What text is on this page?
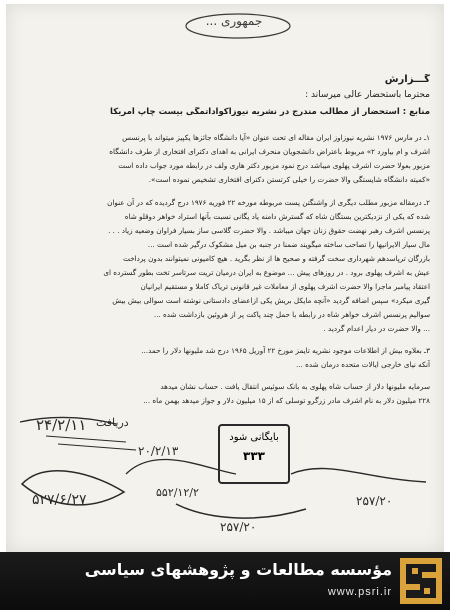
جمهوری ...
گـــزارش
محترما باستحضار عالی میرساند :
منابع : استحضار از مطالب مندرج در نشریه نیوزاکواداتمگی بیست چاپ آمریکا
۱ـ در مارس ۱۹۷۶ نشریه نیوزاوز ایران مقاله ای تحت عنوان «آیا دانشگاه جائزها یکپیز میتواند با پرنسس
اشرف و ام بیاورد ۲» مربوط باعتراض دانشجویان منحرف ایرانی به اهدای دکترای افتخاری از طرف دانشگاه
مزبور بعولا حضرت اشرف پهلوی میباشد درج نمود مزبور دکتر هاری ولف در رابطه مورد جواب داده است
«کمیته دانشگاه شایستگی والا حضرت را خیلی کرتستن دکترای افتخاری تشخیص نموده است».
۲ـ درمقاله مزبور مطلب دیگری از واشنگتن پست مربوطه مورخه ۲۲ فوریه ۱۹۷۶ درج گردیده که در آن عنوان
شده که یکی از نزدیکترین بستگان شاه که گسترش دامنه یاد یگانی نسبت بآنها استراد خواهر دوقلو شاه
پرنسس اشرف رهبر نهضت حقوق زنان جهان میباشد . والا حضرت گلاسی ساز بسیار فراوان وضعیه زیاد . . .
مال سیار الایرانیها را تصاحب ساخته میگویند ضمنا در جنبه بن میل مشکوک درگیر شده است ...
بازرگان ترپاسدهم شهرداری سخت گرفته و صحیح ها از نظر بگرید . هیچ کامیونی نمیتوانند بدون پرداخت
عیش به اشرف پهلوی برود . در روزهای پیش ... موضوع به ایران درمیان تریت سرتاسر تخت بطور گسترده ای
اعتقاد پیامبر ماجرا والا حضرت اشرف پهلوی از معاملات غیر قانونی تریاک کاملا و مستقیم ایرانیان
گیری میکرد» سپس اضافه گردید «آنچه مایکل بریش یکی ازاعضای دادستانی نوشته است سوالی بیش بیش
سوالیم پرنسس اشرف خواهر شاه در رابطه با حمل چند پاکت پر از هروئین بازداشت شده ...
... والا حضرت در دیار اعدام گردید .
۳ـ بعلاوه بیش از اطلاعات موجود نشریه تایمز مورخ ۲۲ آوریل ۱۹۶۵ درج شد ملیونها دلار را حمد...
آنکه نیای خارجی ایالات متحده درمان شده ...
سرمایه ملیونها دلار از حساب شاه پهلوی به بانک سوئیس انتقال یافت . حساب نشان میدهد
۲۲۸ میلیون دلار به نام اشرف مادر زرگرو توسلی که از ۱۵ میلیون دلار و جواز میدهد بهمن ماه ...
۲۴/۲/۱۱
۲۰/۲/۱۳
دریافت
۵۲۷/۶/۲۷	۵۵۲/۱۲/۲
۲۵۷/۲۰
۲۵۷/۲۰
بایگانی شود
۳۳۳
مؤسسه مطالعات و پژوهشهای سیاسی
www.psri.ir
